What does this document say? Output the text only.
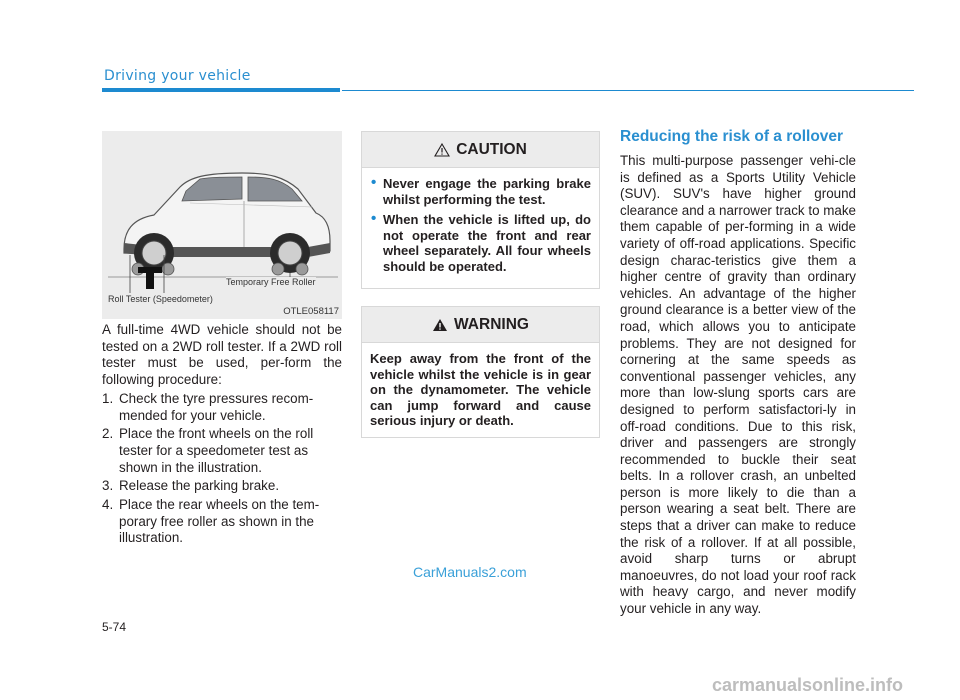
Driving your vehicle
Temporary Free Roller
Roll Tester (Speedometer)
OTLE058117

A full-time 4WD vehicle should not be tested on a 2WD roll tester. If a 2WD roll tester must be used, per-form the following procedure:

1. Check the tyre pressures recom-mended for your vehicle.
2. Place the front wheels on the roll tester for a speedometer test as shown in the illustration.
3. Release the parking brake.
4. Place the rear wheels on the tem-porary free roller as shown in the illustration.
CAUTION
• Never engage the parking brake whilst performing the test.
• When the vehicle is lifted up, do not operate the front and rear wheel separately. All four wheels should be operated.
WARNING

Keep away from the front of the vehicle whilst the vehicle is in gear on the dynamometer. The vehicle can jump forward and cause serious injury or death.

Reducing the risk of a rollover
This multi-purpose passenger vehi-cle is defined as a Sports Utility Vehicle (SUV). SUV's have higher ground clearance and a narrower track to make them capable of per-forming in a wide variety of off-road applications. Specific design charac-teristics give them a higher centre of gravity than ordinary vehicles. An advantage of the higher ground clearance is a better view of the road, which allows you to anticipate problems. They are not designed for cornering at the same speeds as conventional passenger vehicles, any more than low-slung sports cars are designed to perform satisfactori-ly in off-road conditions. Due to this risk, driver and passengers are strongly recommended to buckle their seat belts. In a rollover crash, an unbelted person is more likely to die than a person wearing a seat belt. There are steps that a driver can make to reduce the risk of a rollover. If at all possible, avoid sharp turns or abrupt manoeuvres, do not load your roof rack with heavy cargo, and never modify your vehicle in any way.
CarManuals2.com
5-74
carmanualsonline.info
